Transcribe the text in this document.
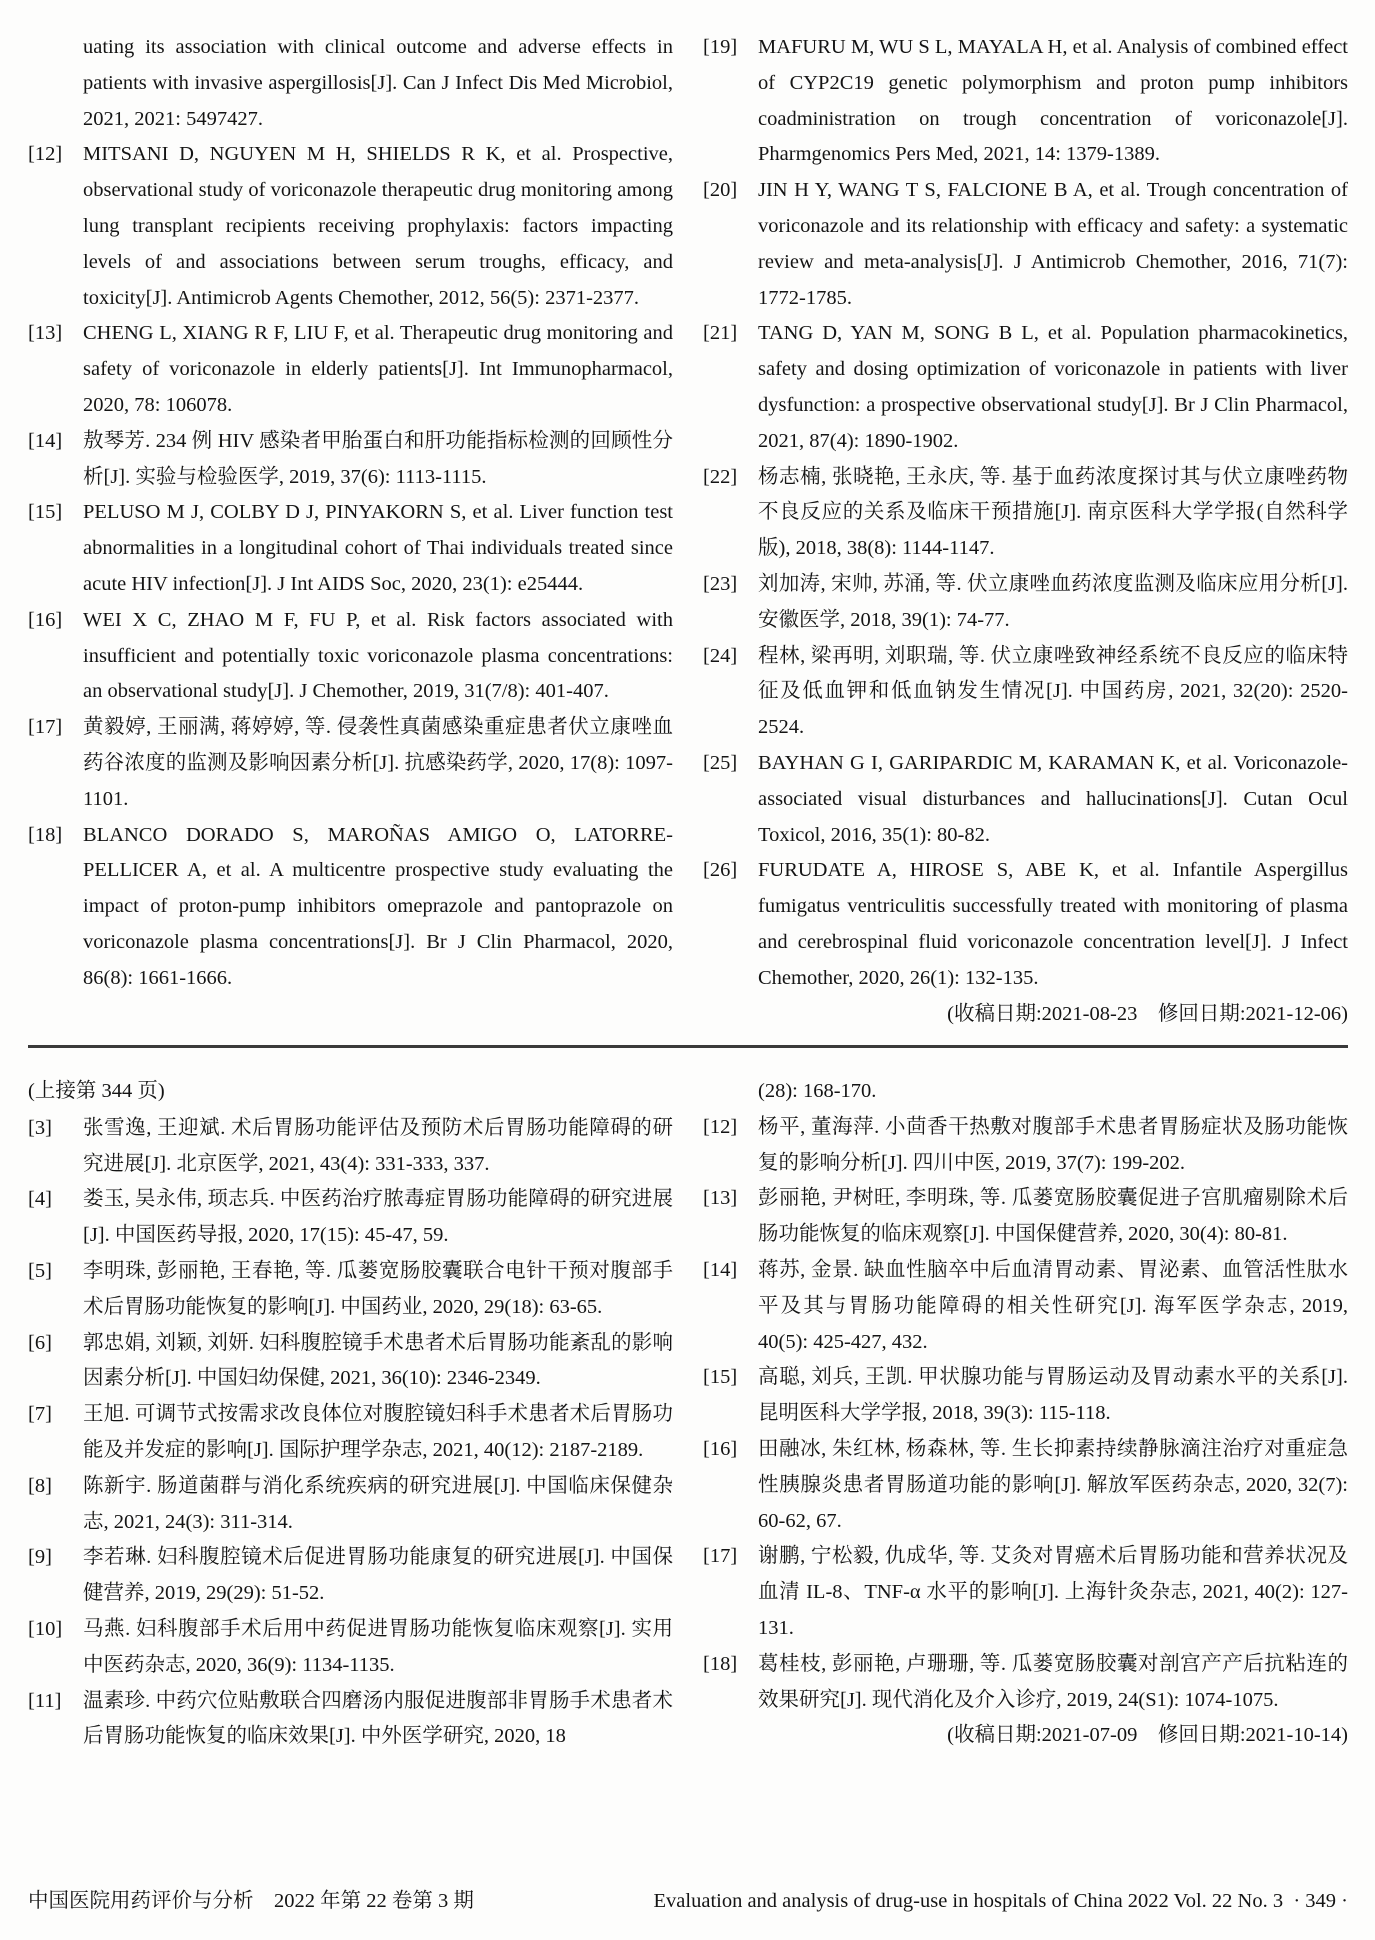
uating its association with clinical outcome and adverse effects in patients with invasive aspergillosis[J]. Can J Infect Dis Med Microbiol, 2021, 2021: 5497427.
[12]	MITSANI D, NGUYEN M H, SHIELDS R K, et al. Prospective, observational study of voriconazole therapeutic drug monitoring among lung transplant recipients receiving prophylaxis: factors impacting levels of and associations between serum troughs, efficacy, and toxicity[J]. Antimicrob Agents Chemother, 2012, 56(5): 2371-2377.
[13]	CHENG L, XIANG R F, LIU F, et al. Therapeutic drug monitoring and safety of voriconazole in elderly patients[J]. Int Immunopharmacol, 2020, 78: 106078.
[14]	敖琴芳. 234 例 HIV 感染者甲胎蛋白和肝功能指标检测的回顾性分析[J]. 实验与检验医学, 2019, 37(6): 1113-1115.
[15]	PELUSO M J, COLBY D J, PINYAKORN S, et al. Liver function test abnormalities in a longitudinal cohort of Thai individuals treated since acute HIV infection[J]. J Int AIDS Soc, 2020, 23(1): e25444.
[16]	WEI X C, ZHAO M F, FU P, et al. Risk factors associated with insufficient and potentially toxic voriconazole plasma concentrations: an observational study[J]. J Chemother, 2019, 31(7/8): 401-407.
[17]	黄毅婷, 王丽满, 蒋婷婷, 等. 侵袭性真菌感染重症患者伏立康唑血药谷浓度的监测及影响因素分析[J]. 抗感染药学, 2020, 17(8): 1097-1101.
[18]	BLANCO DORADO S, MAROÑAS AMIGO O, LATORRE-PELLICER A, et al. A multicentre prospective study evaluating the impact of proton-pump inhibitors omeprazole and pantoprazole on voriconazole plasma concentrations[J]. Br J Clin Pharmacol, 2020, 86(8): 1661-1666.
[19]	MAFURU M, WU S L, MAYALA H, et al. Analysis of combined effect of CYP2C19 genetic polymorphism and proton pump inhibitors coadministration on trough concentration of voriconazole[J]. Pharmgenomics Pers Med, 2021, 14: 1379-1389.
[20]	JIN H Y, WANG T S, FALCIONE B A, et al. Trough concentration of voriconazole and its relationship with efficacy and safety: a systematic review and meta-analysis[J]. J Antimicrob Chemother, 2016, 71(7): 1772-1785.
[21]	TANG D, YAN M, SONG B L, et al. Population pharmacokinetics, safety and dosing optimization of voriconazole in patients with liver dysfunction: a prospective observational study[J]. Br J Clin Pharmacol, 2021, 87(4): 1890-1902.
[22]	杨志楠, 张晓艳, 王永庆, 等. 基于血药浓度探讨其与伏立康唑药物不良反应的关系及临床干预措施[J]. 南京医科大学学报(自然科学版), 2018, 38(8): 1144-1147.
[23]	刘加涛, 宋帅, 苏涌, 等. 伏立康唑血药浓度监测及临床应用分析[J]. 安徽医学, 2018, 39(1): 74-77.
[24]	程林, 梁再明, 刘职瑞, 等. 伏立康唑致神经系统不良反应的临床特征及低血钾和低血钠发生情况[J]. 中国药房, 2021, 32(20): 2520-2524.
[25]	BAYHAN G I, GARIPARDIC M, KARAMAN K, et al. Voriconazole-associated visual disturbances and hallucinations[J]. Cutan Ocul Toxicol, 2016, 35(1): 80-82.
[26]	FURUDATE A, HIROSE S, ABE K, et al. Infantile Aspergillus fumigatus ventriculitis successfully treated with monitoring of plasma and cerebrospinal fluid voriconazole concentration level[J]. J Infect Chemother, 2020, 26(1): 132-135.
(收稿日期:2021-08-23    修回日期:2021-12-06)
(上接第 344 页)
[3]	张雪逸, 王迎斌. 术后胃肠功能评估及预防术后胃肠功能障碍的研究进展[J]. 北京医学, 2021, 43(4): 331-333, 337.
[4]	娄玉, 吴永伟, 顼志兵. 中医药治疗脓毒症胃肠功能障碍的研究进展[J]. 中国医药导报, 2020, 17(15): 45-47, 59.
[5]	李明珠, 彭丽艳, 王春艳, 等. 瓜蒌宽肠胶囊联合电针干预对腹部手术后胃肠功能恢复的影响[J]. 中国药业, 2020, 29(18): 63-65.
[6]	郭忠娟, 刘颖, 刘妍. 妇科腹腔镜手术患者术后胃肠功能紊乱的影响因素分析[J]. 中国妇幼保健, 2021, 36(10): 2346-2349.
[7]	王旭. 可调节式按需求改良体位对腹腔镜妇科手术患者术后胃肠功能及并发症的影响[J]. 国际护理学杂志, 2021, 40(12): 2187-2189.
[8]	陈新宇. 肠道菌群与消化系统疾病的研究进展[J]. 中国临床保健杂志, 2021, 24(3): 311-314.
[9]	李若琳. 妇科腹腔镜术后促进胃肠功能康复的研究进展[J]. 中国保健营养, 2019, 29(29): 51-52.
[10]	马燕. 妇科腹部手术后用中药促进胃肠功能恢复临床观察[J]. 实用中医药杂志, 2020, 36(9): 1134-1135.
[11]	温素珍. 中药穴位贴敷联合四磨汤内服促进腹部非胃肠手术患者术后胃肠功能恢复的临床效果[J]. 中外医学研究, 2020, 18
(28): 168-170.
[12]	杨平, 董海萍. 小茴香干热敷对腹部手术患者胃肠症状及肠功能恢复的影响分析[J]. 四川中医, 2019, 37(7): 199-202.
[13]	彭丽艳, 尹树旺, 李明珠, 等. 瓜蒌宽肠胶囊促进子宫肌瘤剔除术后肠功能恢复的临床观察[J]. 中国保健营养, 2020, 30(4): 80-81.
[14]	蒋苏, 金景. 缺血性脑卒中后血清胃动素、胃泌素、血管活性肽水平及其与胃肠功能障碍的相关性研究[J]. 海军医学杂志, 2019, 40(5): 425-427, 432.
[15]	高聪, 刘兵, 王凯. 甲状腺功能与胃肠运动及胃动素水平的关系[J]. 昆明医科大学学报, 2018, 39(3): 115-118.
[16]	田融冰, 朱红林, 杨森林, 等. 生长抑素持续静脉滴注治疗对重症急性胰腺炎患者胃肠道功能的影响[J]. 解放军医药杂志, 2020, 32(7): 60-62, 67.
[17]	谢鹏, 宁松毅, 仇成华, 等. 艾灸对胃癌术后胃肠功能和营养状况及血清 IL-8、TNF-α 水平的影响[J]. 上海针灸杂志, 2021, 40(2): 127-131.
[18]	葛桂枝, 彭丽艳, 卢珊珊, 等. 瓜蒌宽肠胶囊对剖宫产产后抗粘连的效果研究[J]. 现代消化及介入诊疗, 2019, 24(S1): 1074-1075.
(收稿日期:2021-07-09    修回日期:2021-10-14)
中国医院用药评价与分析    2022 年第 22 卷第 3 期	Evaluation and analysis of drug-use in hospitals of China 2022 Vol. 22 No. 3  · 349 ·
